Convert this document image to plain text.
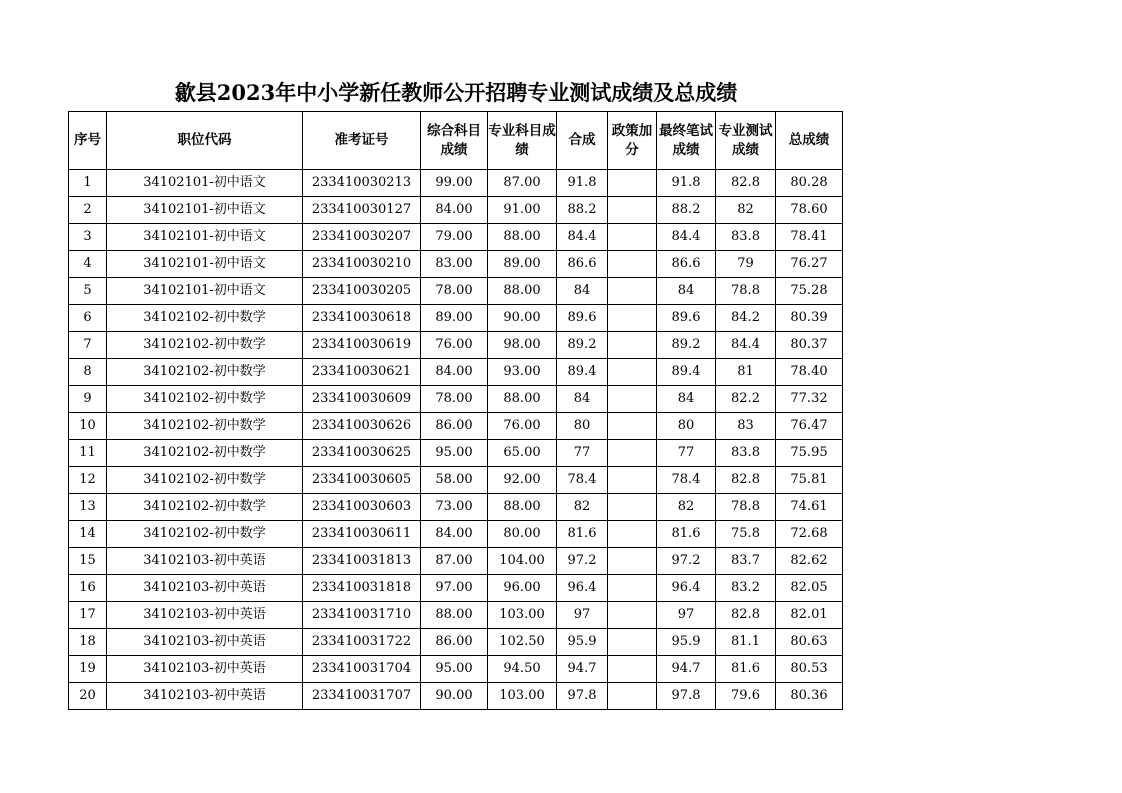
歙县2023年中小学新任教师公开招聘专业测试成绩及总成绩
序号	职位代码	准考证号	综合科目成绩	专业科目成绩	合成	政策加分	最终笔试成绩	专业测试成绩	总成绩
1	34102101-初中语文	233410030213	99.00	87.00	91.8		91.8	82.8	80.28
2	34102101-初中语文	233410030127	84.00	91.00	88.2		88.2	82	78.60
3	34102101-初中语文	233410030207	79.00	88.00	84.4		84.4	83.8	78.41
4	34102101-初中语文	233410030210	83.00	89.00	86.6		86.6	79	76.27
5	34102101-初中语文	233410030205	78.00	88.00	84		84	78.8	75.28
6	34102102-初中数学	233410030618	89.00	90.00	89.6		89.6	84.2	80.39
7	34102102-初中数学	233410030619	76.00	98.00	89.2		89.2	84.4	80.37
8	34102102-初中数学	233410030621	84.00	93.00	89.4		89.4	81	78.40
9	34102102-初中数学	233410030609	78.00	88.00	84		84	82.2	77.32
10	34102102-初中数学	233410030626	86.00	76.00	80		80	83	76.47
11	34102102-初中数学	233410030625	95.00	65.00	77		77	83.8	75.95
12	34102102-初中数学	233410030605	58.00	92.00	78.4		78.4	82.8	75.81
13	34102102-初中数学	233410030603	73.00	88.00	82		82	78.8	74.61
14	34102102-初中数学	233410030611	84.00	80.00	81.6		81.6	75.8	72.68
15	34102103-初中英语	233410031813	87.00	104.00	97.2		97.2	83.7	82.62
16	34102103-初中英语	233410031818	97.00	96.00	96.4		96.4	83.2	82.05
17	34102103-初中英语	233410031710	88.00	103.00	97		97	82.8	82.01
18	34102103-初中英语	233410031722	86.00	102.50	95.9		95.9	81.1	80.63
19	34102103-初中英语	233410031704	95.00	94.50	94.7		94.7	81.6	80.53
20	34102103-初中英语	233410031707	90.00	103.00	97.8		97.8	79.6	80.36
